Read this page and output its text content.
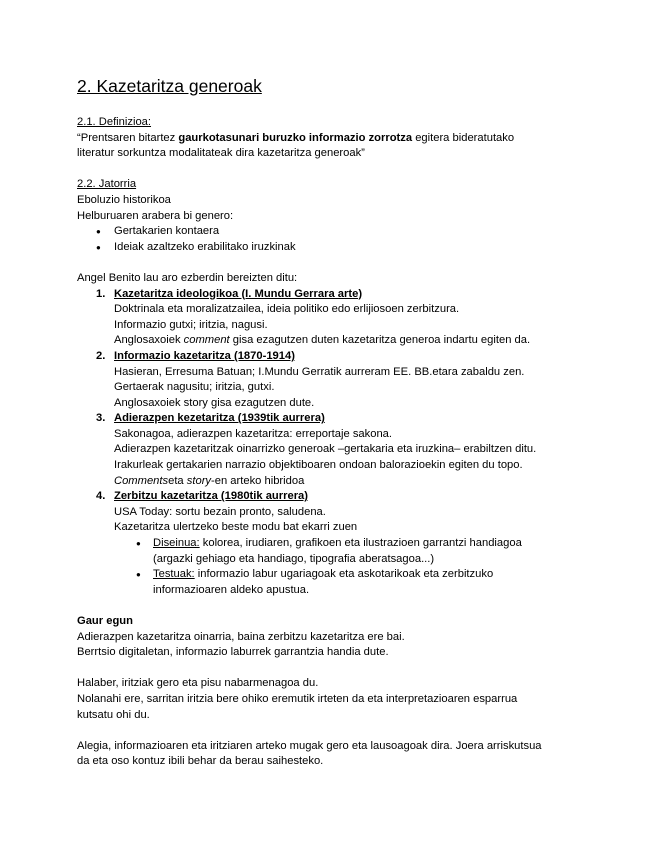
2. Kazetaritza generoak

2.1. Definizioa:

“Prentsaren bitartez gaurkotasunari buruzko informazio zorrotza egitera bideratutako

literatur sorkuntza modalitateak dira kazetaritza generoak”

2.2. Jatorria

Eboluzio historikoa

Helburuaren arabera bi genero:

● Gertakarien kontaera

● Ideiak azaltzeko erabilitako iruzkinak

Angel Benito lau aro ezberdin bereizten ditu:

1. Kazetaritza ideologikoa (I. Mundu Gerrara arte)

Doktrinala eta moralizatzailea, ideia politiko edo erlijiosoen zerbitzura.

Informazio gutxi; iritzia, nagusi.

Anglosaxoiek comment gisa ezagutzen duten kazetaritza generoa indartu egiten da.

2. Informazio kazetaritza (1870-1914)

Hasieran, Erresuma Batuan; I.Mundu Gerratik aurreram EE. BB.etara zabaldu zen.

Gertaerak nagusitu; iritzia, gutxi.

Anglosaxoiek story gisa ezagutzen dute.

3. Adierazpen kezetaritza (1939tik aurrera)

Sakonagoa, adierazpen kazetaritza: erreportaje sakona.

Adierazpen kazetaritzak oinarrizko generoak –gertakaria eta iruzkina– erabiltzen ditu.

Irakurleak gertakarien narrazio objektiboaren ondoan balorazioekin egiten du topo.

Commentseta story-en arteko hibridoa

4. Zerbitzu kazetaritza (1980tik aurrera)

USA Today: sortu bezain pronto, saludena.

Kazetaritza ulertzeko beste modu bat ekarri zuen

● Diseinua: kolorea, irudiaren, grafikoen eta ilustrazioen garrantzi handiagoa

(argazki gehiago eta handiago, tipografia aberatsagoa...)

● Testuak: informazio labur ugariagoak eta askotarikoak eta zerbitzuko

informazioaren aldeko apustua.

Gaur egun

Adierazpen kazetaritza oinarria, baina zerbitzu kazetaritza ere bai.

Berrtsio digitaletan, informazio laburrek garrantzia handia dute.

Halaber, iritziak gero eta pisu nabarmenagoa du.

Nolanahi ere, sarritan iritzia bere ohiko eremutik irteten da eta interpretazioaren esparrua

kutsatu ohi du.

Alegia, informazioaren eta iritziaren arteko mugak gero eta lausoagoak dira. Joera arriskutsua

da eta oso kontuz ibili behar da berau saihesteko.
